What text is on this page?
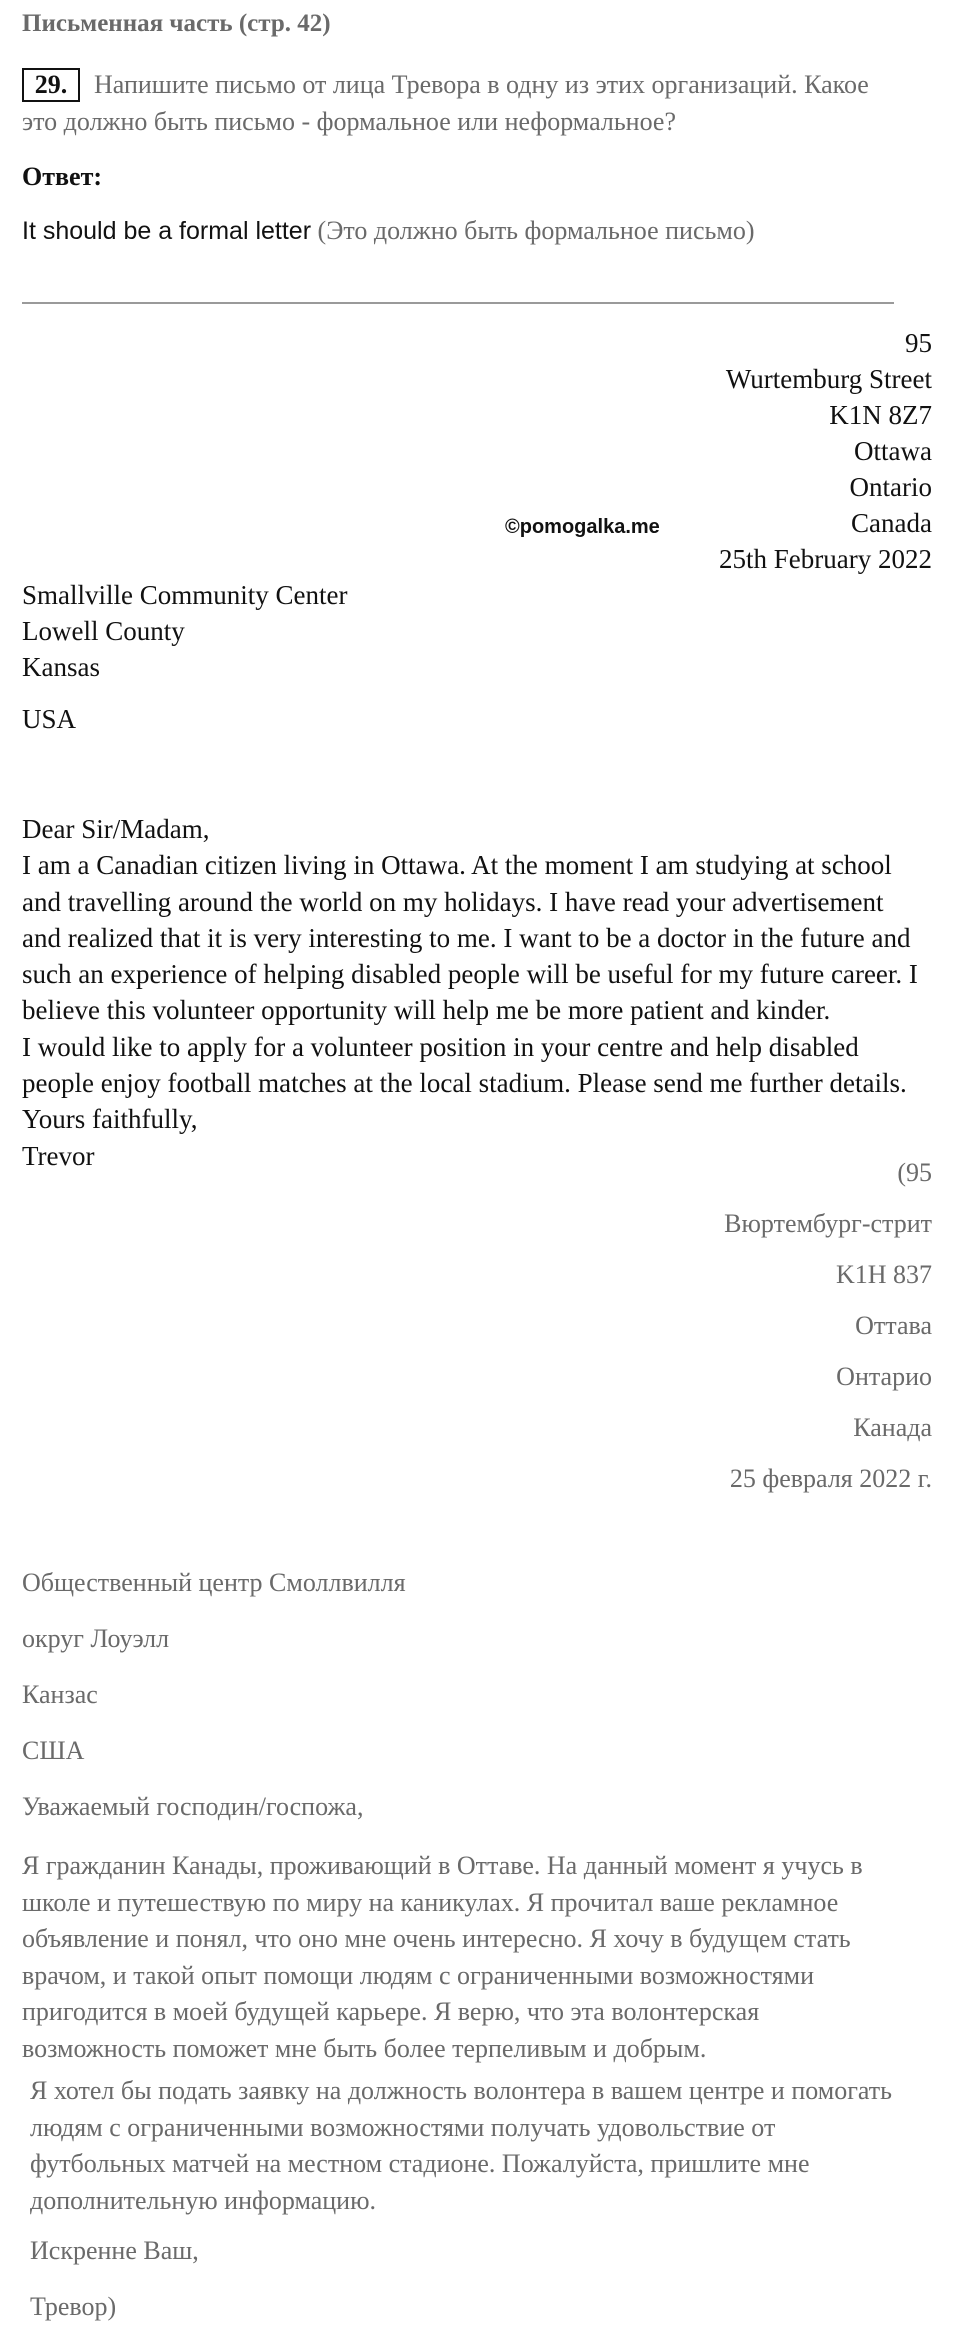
Письменная часть (стр. 42)
29.	Напишите письмо от лица Тревора в одну из этих организаций. Какое
это должно быть письмо - формальное или неформальное?
Ответ:
It should be a formal letter (Это должно быть формальное письмо)
95
Wurtemburg Street
K1N 8Z7
Ottawa
Ontario
Canada
25th February 2022
©pomogalka.me
Smallville Community Center
Lowell County
Kansas
USA
Dear Sir/Madam,
I am a Canadian citizen living in Ottawa. At the moment I am studying at school
and travelling around the world on my holidays. I have read your advertisement
and realized that it is very interesting to me. I want to be a doctor in the future and
such an experience of helping disabled people will be useful for my future career. I
believe this volunteer opportunity will help me be more patient and kinder.
I would like to apply for a volunteer position in your centre and help disabled
people enjoy football matches at the local stadium. Please send me further details.
Yours faithfully,
Trevor
(95
Вюртембург-стрит
K1H 837
Оттава
Онтарио
Канада
25 февраля 2022 г.
Общественный центр Смоллвилля
округ Лоуэлл
Канзас
США
Уважаемый господин/госпожа,
Я гражданин Канады, проживающий в Оттаве. На данный момент я учусь в
школе и путешествую по миру на каникулах. Я прочитал ваше рекламное
объявление и понял, что оно мне очень интересно. Я хочу в будущем стать
врачом, и такой опыт помощи людям с ограниченными возможностями
пригодится в моей будущей карьере. Я верю, что эта волонтерская
возможность поможет мне быть более терпеливым и добрым.
Я хотел бы подать заявку на должность волонтера в вашем центре и помогать
людям с ограниченными возможностями получать удовольствие от
футбольных матчей на местном стадионе. Пожалуйста, пришлите мне
дополнительную информацию.
Искренне Ваш,
Тревор)
